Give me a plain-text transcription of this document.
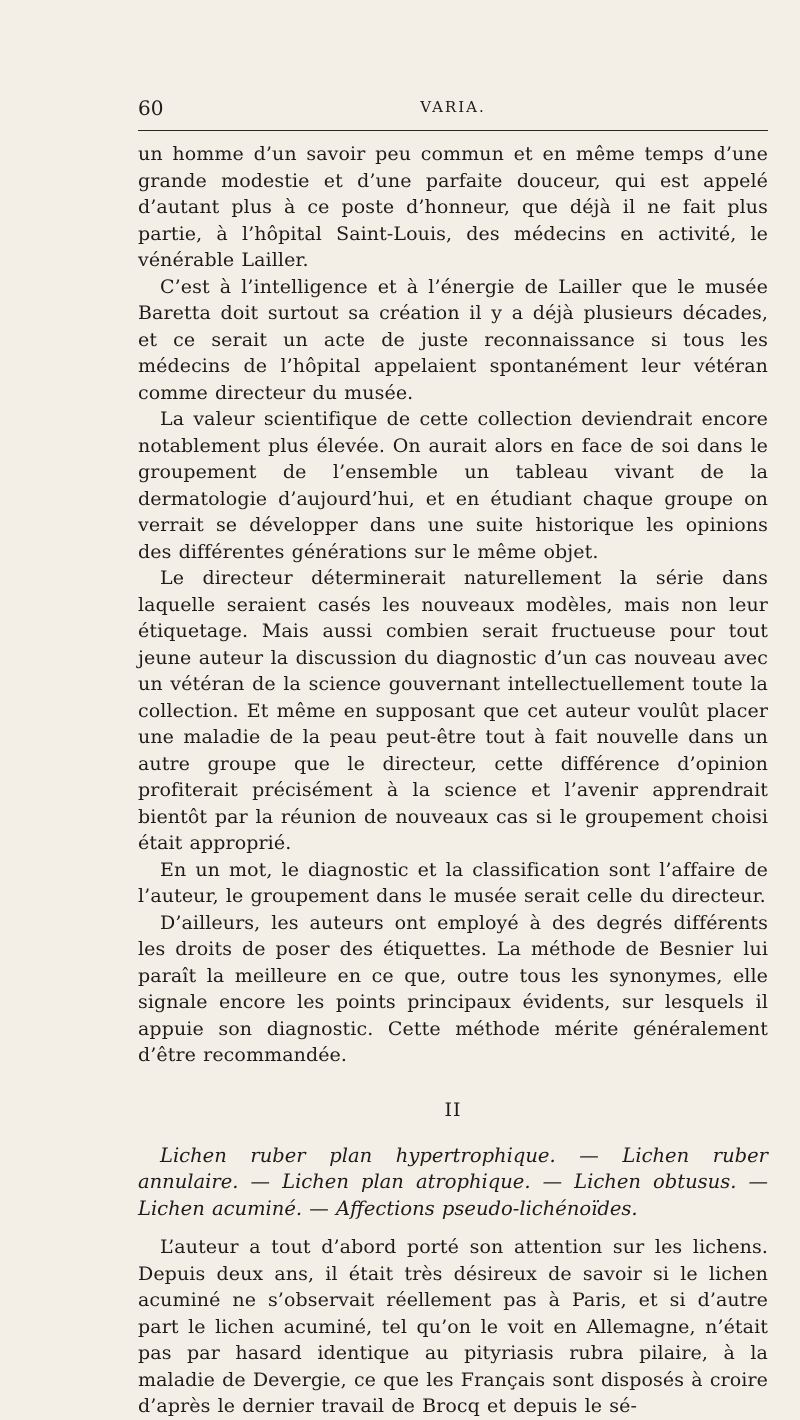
60	VARIA.

un homme d’un savoir peu commun et en même temps d’une grande modestie et d’une parfaite douceur, qui est appelé d’autant plus à ce poste d’honneur, que déjà il ne fait plus partie, à l’hôpital Saint-Louis, des médecins en activité, le vénérable Lailler.

C’est à l’intelligence et à l’énergie de Lailler que le musée Baretta doit surtout sa création il y a déjà plusieurs décades, et ce serait un acte de juste reconnaissance si tous les médecins de l’hôpital appelaient spontanément leur vétéran comme directeur du musée.

La valeur scientifique de cette collection deviendrait encore notablement plus élevée. On aurait alors en face de soi dans le groupement de l’ensemble un tableau vivant de la dermatologie d’aujourd’hui, et en étudiant chaque groupe on verrait se développer dans une suite historique les opinions des différentes générations sur le même objet.

Le directeur déterminerait naturellement la série dans laquelle seraient casés les nouveaux modèles, mais non leur étiquetage. Mais aussi combien serait fructueuse pour tout jeune auteur la discussion du diagnostic d’un cas nouveau avec un vétéran de la science gouvernant intellectuellement toute la collection. Et même en supposant que cet auteur voulût placer une maladie de la peau peut-être tout à fait nouvelle dans un autre groupe que le directeur, cette différence d’opinion profiterait précisément à la science et l’avenir apprendrait bientôt par la réunion de nouveaux cas si le groupement choisi était approprié.

En un mot, le diagnostic et la classification sont l’affaire de l’auteur, le groupement dans le musée serait celle du directeur.

D’ailleurs, les auteurs ont employé à des degrés différents les droits de poser des étiquettes. La méthode de Besnier lui paraît la meilleure en ce que, outre tous les synonymes, elle signale encore les points principaux évidents, sur lesquels il appuie son diagnostic. Cette méthode mérite généralement d’être recommandée.

II

Lichen ruber plan hypertrophique. — Lichen ruber annulaire. — Lichen plan atrophique. — Lichen obtusus. — Lichen acuminé. — Affections pseudo-lichénoïdes.

L’auteur a tout d’abord porté son attention sur les lichens. Depuis deux ans, il était très désireux de savoir si le lichen acuminé ne s’observait réellement pas à Paris, et si d’autre part le lichen acuminé, tel qu’on le voit en Allemagne, n’était pas par hasard identique au pityriasis rubra pilaire, à la maladie de Devergie, ce que les Français sont disposés à croire d’après le dernier travail de Brocq et depuis le sé-
